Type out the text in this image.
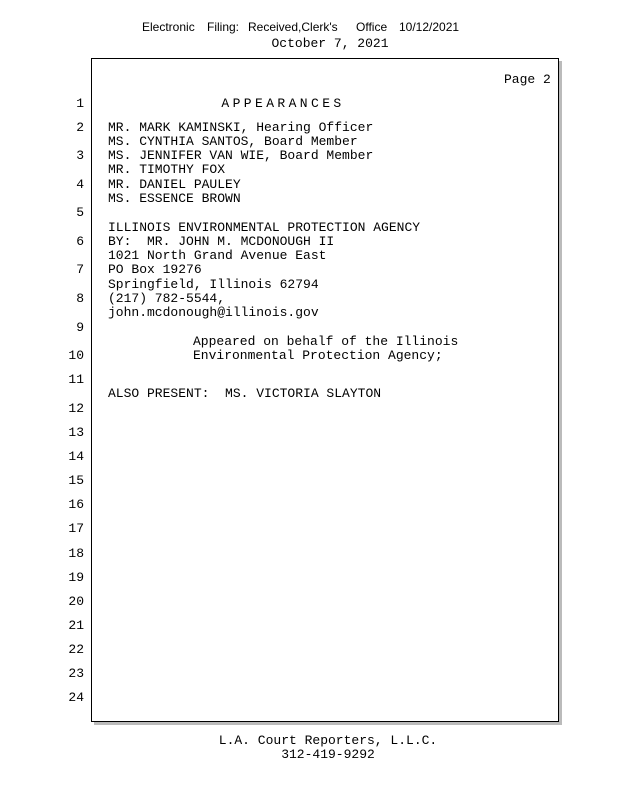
Electronic Filing: Received,Clerk's Office 10/12/2021
October 7, 2021
Page 2
APPEARANCES
1
2
3
4
5
6
7
8
9
10
11
12
13
14
15
16
17
18
19
20
21
22
23
24
MR. MARK KAMINSKI, Hearing Officer
MS. CYNTHIA SANTOS, Board Member
MS. JENNIFER VAN WIE, Board Member
MR. TIMOTHY FOX
MR. DANIEL PAULEY
MS. ESSENCE BROWN
ILLINOIS ENVIRONMENTAL PROTECTION AGENCY
BY:  MR. JOHN M. MCDONOUGH II
1021 North Grand Avenue East
PO Box 19276
Springfield, Illinois 62794
(217) 782-5544,
john.mcdonough@illinois.gov
Appeared on behalf of the Illinois
Environmental Protection Agency;
ALSO PRESENT:  MS. VICTORIA SLAYTON
L.A. Court Reporters, L.L.C.
312-419-9292
